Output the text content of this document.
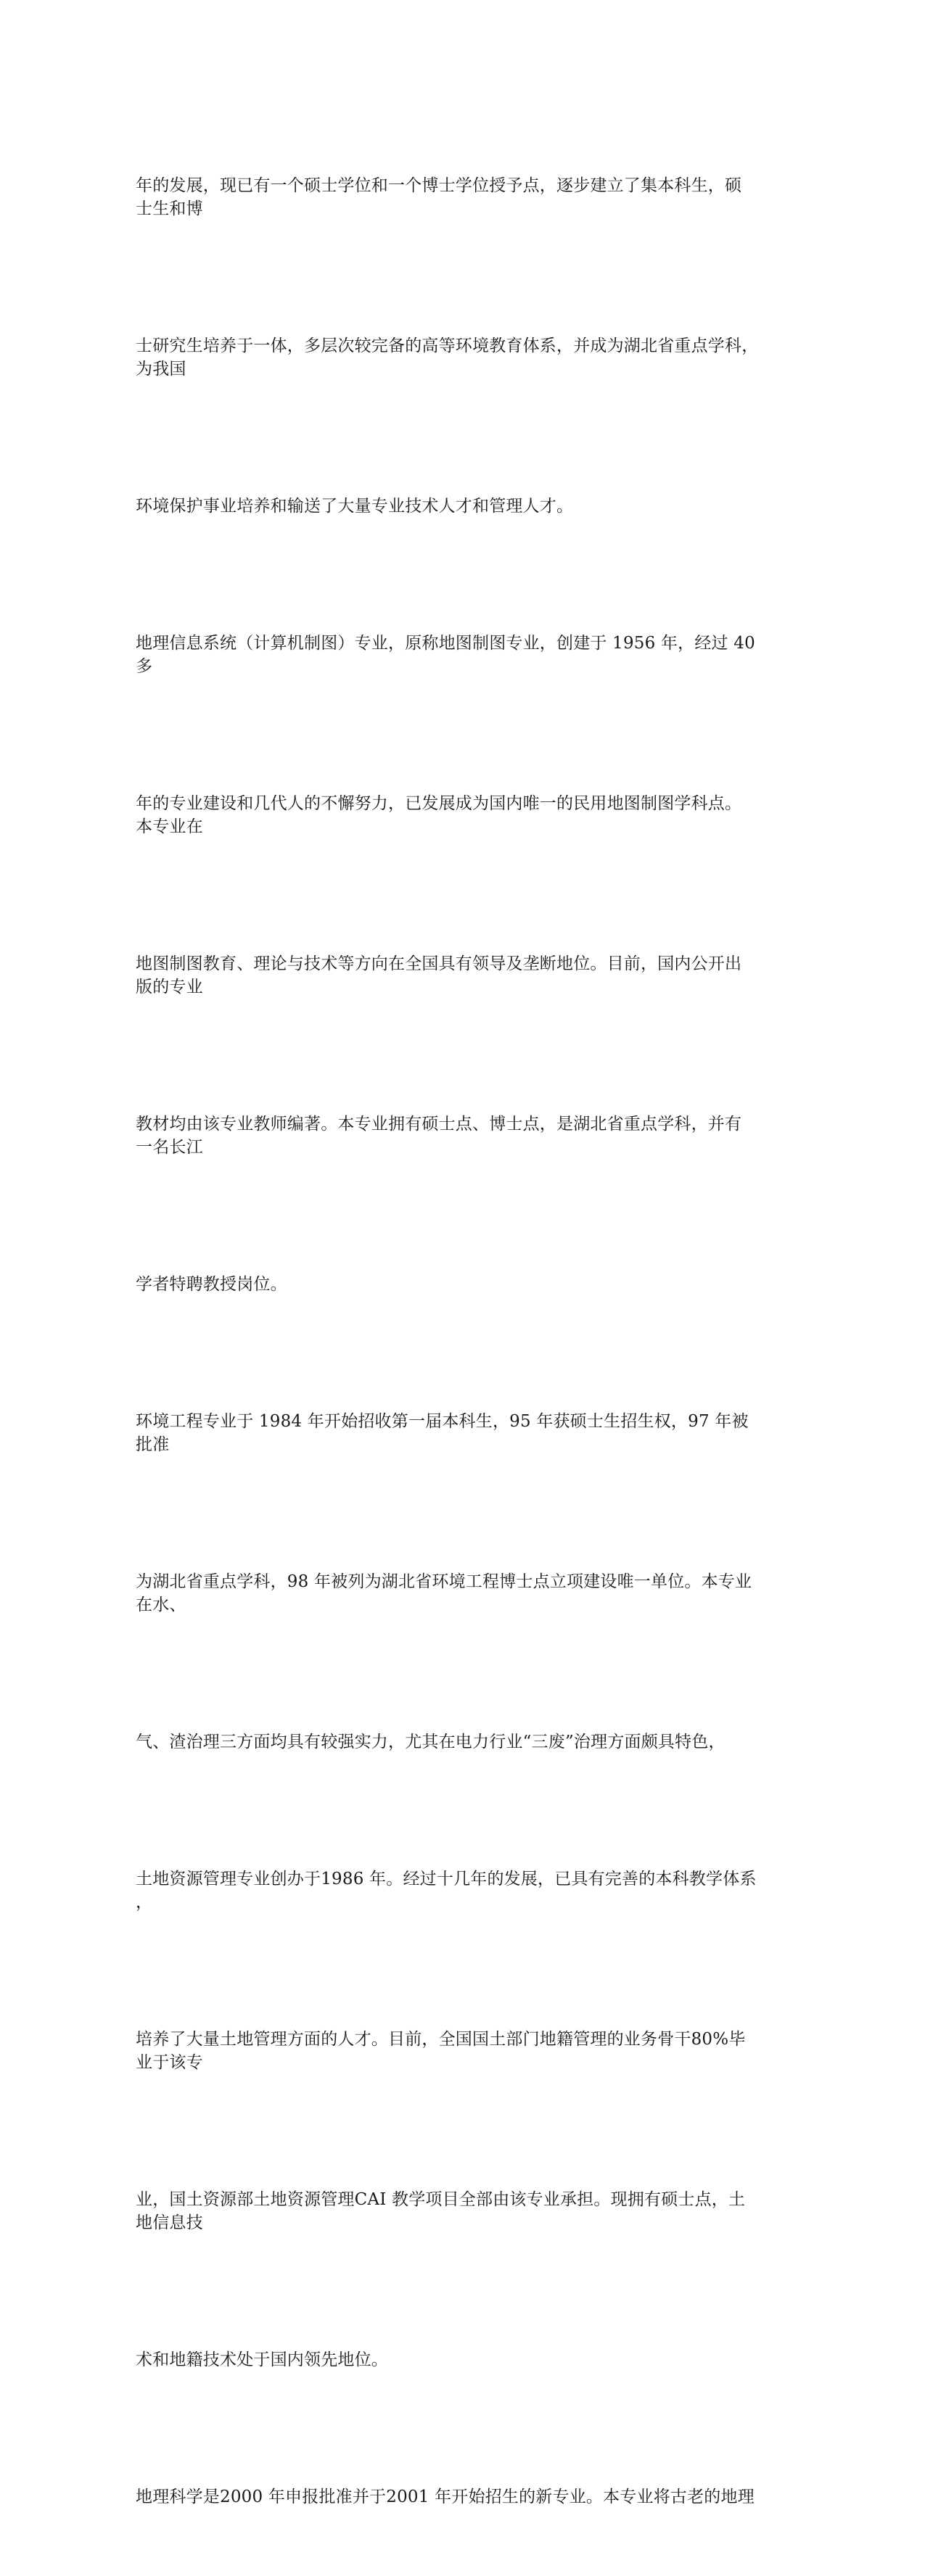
年的发展，现已有一个硕士学位和一个博士学位授予点，逐步建立了集本科生，硕
士生和博

士研究生培养于一体，多层次较完备的高等环境教育体系，并成为湖北省重点学科，
为我国

环境保护事业培养和输送了大量专业技术人才和管理人才。

地理信息系统（计算机制图）专业，原称地图制图专业，创建于 1956 年，经过 40
多

年的专业建设和几代人的不懈努力，已发展成为国内唯一的民用地图制图学科点。
本专业在

地图制图教育、理论与技术等方向在全国具有领导及垄断地位。目前，国内公开出
版的专业

教材均由该专业教师编著。本专业拥有硕士点、博士点，是湖北省重点学科，并有
一名长江

学者特聘教授岗位。

环境工程专业于 1984 年开始招收第一届本科生，95 年获硕士生招生权，97 年被
批准

为湖北省重点学科，98 年被列为湖北省环境工程博士点立项建设唯一单位。本专业
在水、

气、渣治理三方面均具有较强实力，尤其在电力行业“三废”治理方面颇具特色，

土地资源管理专业创办于1986 年。经过十几年的发展，已具有完善的本科教学体系
，

培养了大量土地管理方面的人才。目前，全国国土部门地籍管理的业务骨干80%毕
业于该专

业，国土资源部土地资源管理CAI 教学项目全部由该专业承担。现拥有硕士点，土
地信息技

术和地籍技术处于国内领先地位。

地理科学是2000 年申报批准并于2001 年开始招生的新专业。本专业将古老的地理
